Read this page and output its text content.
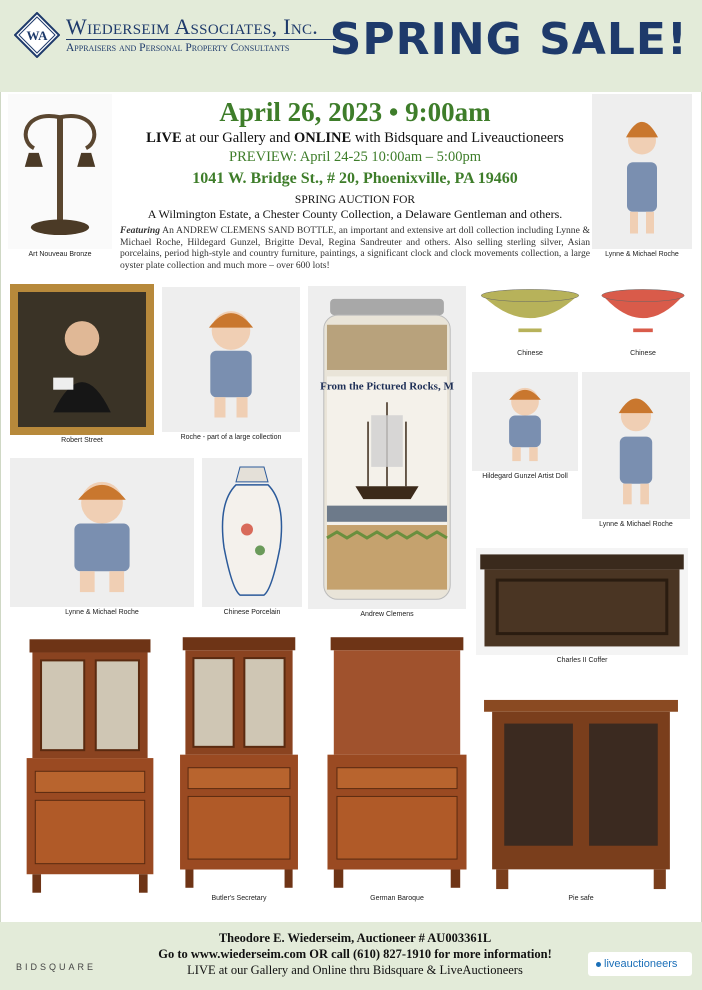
WA Wiederseim Associates, Inc.
Appraisers and Personal Property Consultants SPRING SALE!
April 26, 2023 • 9:00am
LIVE at our Gallery and ONLINE with Bidsquare and Liveauctioneers
PREVIEW: April 24-25 10:00am – 5:00pm
1041 W. Bridge St., # 20, Phoenixville, PA 19460
SPRING AUCTION FOR
A Wilmington Estate, a Chester County Collection, a Delaware Gentleman and others.
Featuring An ANDREW CLEMENS SAND BOTTLE, an important and extensive art doll collection including Lynne & Michael Roche, Hildegard Gunzel, Brigitte Deval, Regina Sandreuter and others. Also selling sterling silver, Asian porcelains, period high-style and country furniture, paintings, a significant clock and clock movements collection, a large oyster plate collection and much more – over 600 lots!
Art Nouveau Bronze	Lynne & Michael Roche
Robert Street	Roche - part of a large collection
From the Pictured Rocks, M
Andrew Clemens
Chinese	Chinese
Hildegard Gunzel Artist Doll
Lynne & Michael Roche
Lynne & Michael Roche	Chinese Porcelain
Charles II Coffer
Butler's Secretary	German Baroque	Pie safe
Theodore E. Wiederseim, Auctioneer # AU003361L
Go to www.wiederseim.com OR call (610) 827-1910 for more information!
LIVE at our Gallery and Online thru Bidsquare & LiveAuctioneers
BIDSQUARE	liveauctioneers
